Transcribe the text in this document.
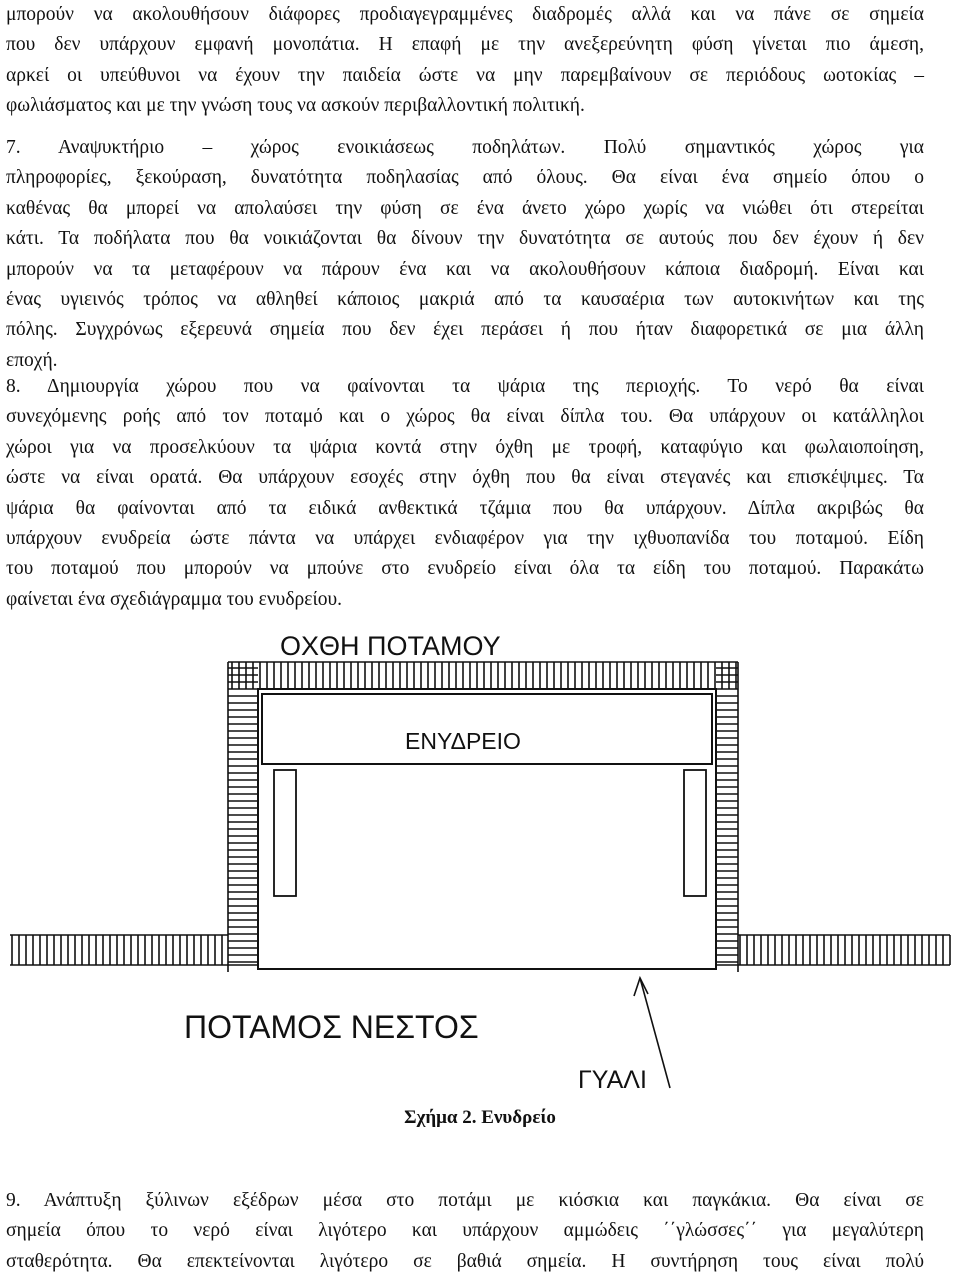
μπορούν να ακολουθήσουν διάφορες προδιαγεγραμμένες διαδρομές αλλά και να πάνε σε σημεία
που δεν υπάρχουν εμφανή μονοπάτια. Η επαφή με την ανεξερεύνητη φύση γίνεται πιο άμεση,
αρκεί οι υπεύθυνοι να έχουν την παιδεία ώστε να μην παρεμβαίνουν σε περιόδους ωοτοκίας –
φωλιάσματος και με την γνώση τους να ασκούν περιβαλλοντική πολιτική.
7. Αναψυκτήριο – χώρος ενοικιάσεως ποδηλάτων. Πολύ σημαντικός χώρος για
πληροφορίες, ξεκούραση, δυνατότητα ποδηλασίας από όλους. Θα είναι ένα σημείο όπου ο
καθένας θα μπορεί να απολαύσει την φύση σε ένα άνετο χώρο χωρίς να νιώθει ότι στερείται
κάτι. Τα ποδήλατα που θα νοικιάζονται θα δίνουν την δυνατότητα σε αυτούς που δεν έχουν ή δεν
μπορούν να τα μεταφέρουν να πάρουν ένα και να ακολουθήσουν κάποια διαδρομή. Είναι και
ένας υγιεινός τρόπος να αθληθεί κάποιος μακριά από τα καυσαέρια των αυτοκινήτων και της
πόλης. Συγχρόνως εξερευνά σημεία που δεν έχει περάσει ή που ήταν διαφορετικά σε μια άλλη
εποχή.
8. Δημιουργία χώρου που να φαίνονται τα ψάρια της περιοχής. Το νερό θα είναι
συνεχόμενης ροής από τον ποταμό και ο χώρος θα είναι δίπλα του. Θα υπάρχουν οι κατάλληλοι
χώροι για να προσελκύουν τα ψάρια κοντά στην όχθη με τροφή, καταφύγιο και φωλαιοποίηση,
ώστε να είναι ορατά. Θα υπάρχουν εσοχές στην όχθη που θα είναι στεγανές και επισκέψιμες. Τα
ψάρια θα φαίνονται από τα ειδικά ανθεκτικά τζάμια που θα υπάρχουν. Δίπλα ακριβώς θα
υπάρχουν ενυδρεία ώστε πάντα να υπάρχει ενδιαφέρον για την ιχθυοπανίδα του ποταμού. Είδη
του ποταμού που μπορούν να μπούνε στο ενυδρείο είναι όλα τα είδη του ποταμού. Παρακάτω
φαίνεται ένα σχεδιάγραμμα του ενυδρείου.
ΟΧΘΗ ΠΟΤΑΜΟΥ
ΕΝΥΔΡΕΙΟ
ΠΟΤΑΜΟΣ ΝΕΣΤΟΣ
ΓΥΑΛΙ
Σχήμα 2. Ενυδρείο
9. Ανάπτυξη ξύλινων εξέδρων μέσα στο ποτάμι με κιόσκια και παγκάκια. Θα είναι σε
σημεία όπου το νερό είναι λιγότερο και υπάρχουν αμμώδεις ΄΄γλώσσες΄΄ για μεγαλύτερη
σταθερότητα. Θα επεκτείνονται λιγότερο σε βαθιά σημεία. Η συντήρηση τους είναι πολύ
